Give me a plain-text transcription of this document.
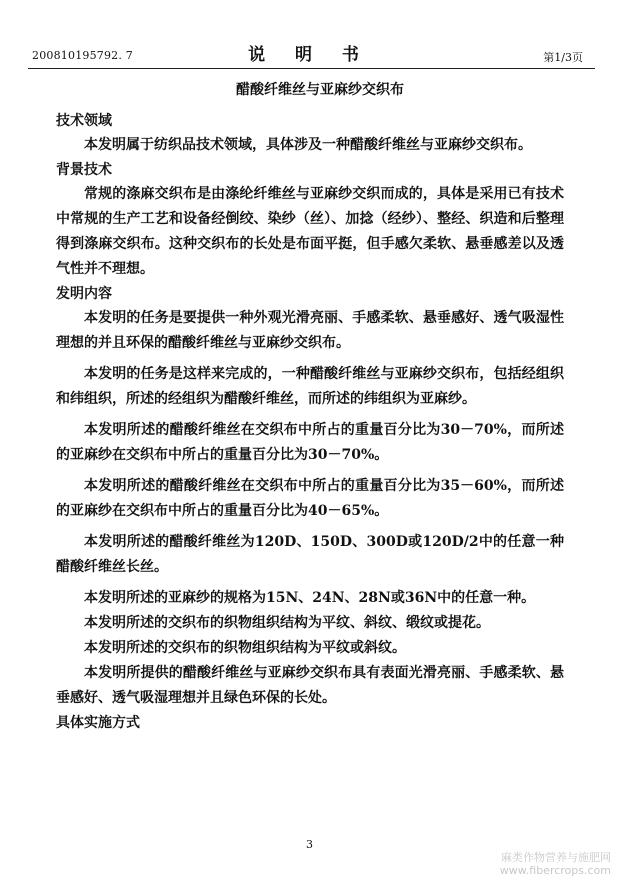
200810195792. 7	说 明 书	第1/3页
醋酸纤维丝与亚麻纱交织布
技术领域

本发明属于纺织品技术领域，具体涉及一种醋酸纤维丝与亚麻纱交织布。

背景技术

常规的涤麻交织布是由涤纶纤维丝与亚麻纱交织而成的，具体是采用已有技术中常规的生产工艺和设备经倒绞、染纱（丝）、加捻（经纱）、整经、织造和后整理得到涤麻交织布。这种交织布的长处是布面平挺，但手感欠柔软、悬垂感差以及透气性并不理想。

发明内容

本发明的任务是要提供一种外观光滑亮丽、手感柔软、悬垂感好、透气吸湿性理想的并且环保的醋酸纤维丝与亚麻纱交织布。

本发明的任务是这样来完成的，一种醋酸纤维丝与亚麻纱交织布，包括经组织和纬组织，所述的经组织为醋酸纤维丝，而所述的纬组织为亚麻纱。

本发明所述的醋酸纤维丝在交织布中所占的重量百分比为30－70%，而所述的亚麻纱在交织布中所占的重量百分比为30－70%。

本发明所述的醋酸纤维丝在交织布中所占的重量百分比为35－60%，而所述的亚麻纱在交织布中所占的重量百分比为40－65%。

本发明所述的醋酸纤维丝为120D、150D、300D或120D/2中的任意一种醋酸纤维丝长丝。

本发明所述的亚麻纱的规格为15N、24N、28N或36N中的任意一种。

本发明所述的交织布的织物组织结构为平纹、斜纹、缎纹或提花。

本发明所述的交织布的织物组织结构为平纹或斜纹。

本发明所提供的醋酸纤维丝与亚麻纱交织布具有表面光滑亮丽、手感柔软、悬垂感好、透气吸湿理想并且绿色环保的长处。

具体实施方式
3
麻类作物营养与施肥网
www.fibercrops.com
